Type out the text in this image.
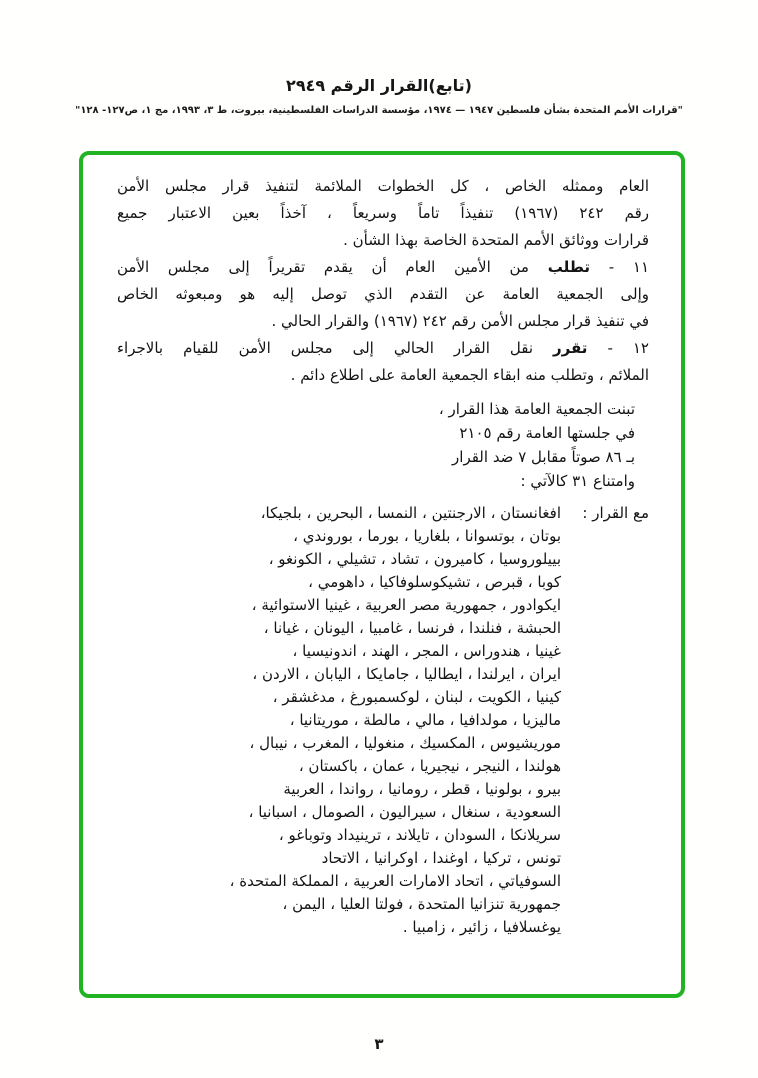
(تابع)القرار الرقم ٢٩٤٩
"قرارات الأمم المتحدة بشأن فلسطين ١٩٤٧ — ١٩٧٤، مؤسسة الدراسات الفلسطينية، بيروت، ط ٣، ١٩٩٣، مج ١، ص١٢٧- ١٢٨"
العام وممثله الخاص ، كل الخطوات الملائمة لتنفيذ قرار مجلس الأمن
رقم ٢٤٢ (١٩٦٧) تنفيذاً تاماً وسريعاً ، آخذاً بعين الاعتبار جميع
قرارات ووثائق الأمم المتحدة الخاصة بهذا الشأن .
١١ - تطلب من الأمين العام أن يقدم تقريراً إلى مجلس الأمن
وإلى الجمعية العامة عن التقدم الذي توصل إليه هو ومبعوثه الخاص
في تنفيذ قرار مجلس الأمن رقم ٢٤٢ (١٩٦٧) والقرار الحالي .
١٢ - تقرر نقل القرار الحالي إلى مجلس الأمن للقيام بالاجراء
الملائم ، وتطلب منه ابقاء الجمعية العامة على اطلاع دائم .
تبنت الجمعية العامة هذا القرار ،
في جلستها العامة رقم ٢١٠٥
بـ ٨٦ صوتاً مقابل ٧ ضد القرار
وامتناع ٣١ كالآتي :
مع القرار :
افغانستان ، الارجنتين ، النمسا ، البحرين ، بلجيكا،
بوتان ، بوتسوانا ، بلغاريا ، بورما ، بوروندي ،
بييلوروسيا ، كاميرون ، تشاد ، تشيلي ، الكونغو ،
كوبا ، قبرص ، تشيكوسلوفاكيا ، داهومي ،
ايكوادور ، جمهورية مصر العربية ، غينيا الاستوائية ،
الحبشة ، فنلندا ، فرنسا ، غامبيا ، اليونان ، غيانا ،
غينيا ، هندوراس ، المجر ، الهند ، اندونيسيا ،
ايران ، ايرلندا ، ايطاليا ، جامايكا ، اليابان ، الاردن ،
كينيا ، الكويت ، لبنان ، لوكسمبورغ ، مدغشقر ،
ماليزيا ، مولدافيا ، مالي ، مالطة ، موريتانيا ،
موريشيوس ، المكسيك ، منغوليا ، المغرب ، نيبال ،
هولندا ، النيجر ، نيجيريا ، عمان ، باكستان ،
بيرو ، بولونيا ، قطر ، رومانيا ، رواندا ، العربية
السعودية ، سنغال ، سيراليون ، الصومال ، اسبانيا ،
سريلانكا ، السودان ، تايلاند ، ترينيداد وتوباغو ،
تونس ، تركيا ، اوغندا ، اوكرانيا ، الاتحاد
السوفياتي ، اتحاد الامارات العربية ، المملكة المتحدة ،
جمهورية تنزانيا المتحدة ، فولتا العليا ، اليمن ،
يوغسلافيا ، زائير ، زامبيا .
٣
